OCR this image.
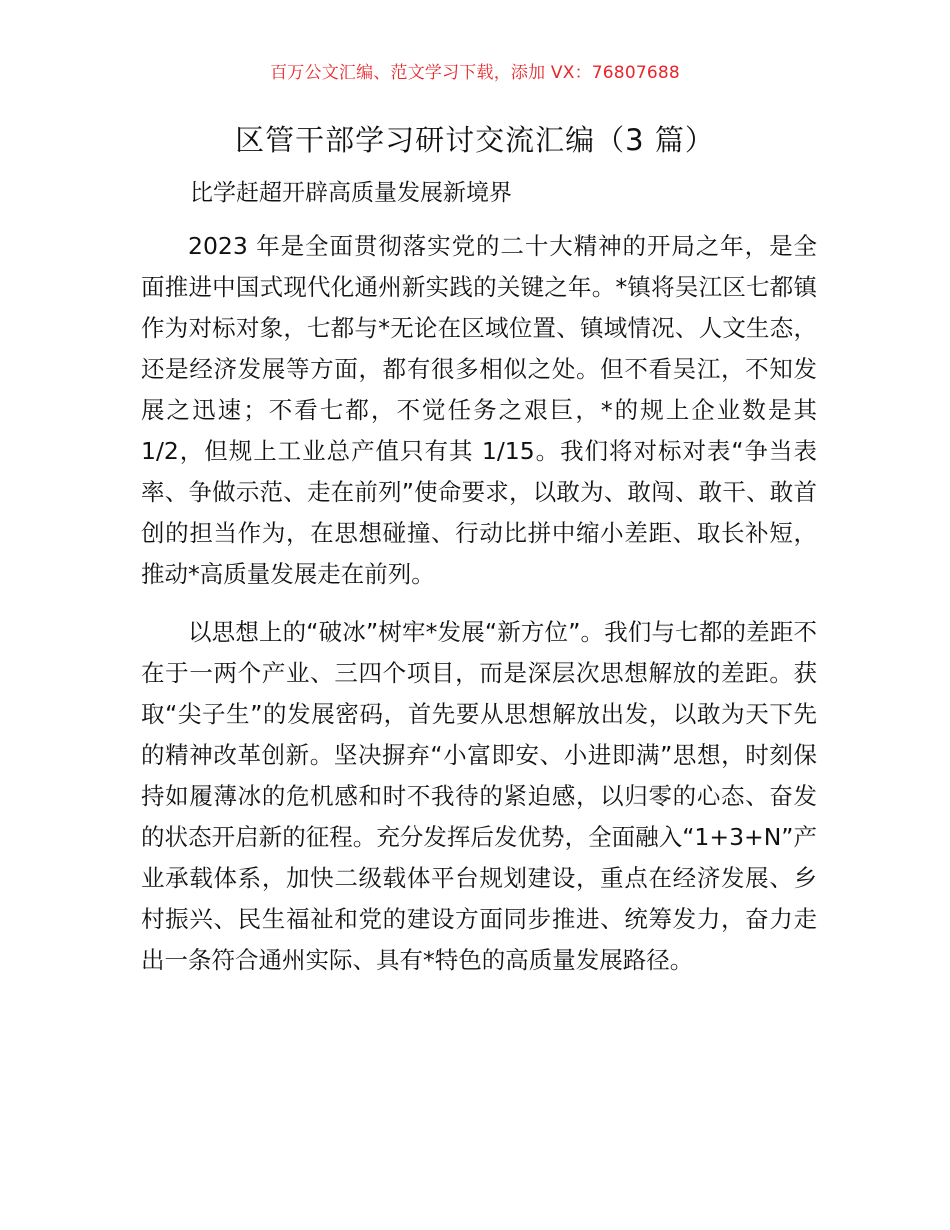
百万公文汇编、范文学习下载，添加 VX：76807688
区管干部学习研讨交流汇编（3 篇）
比学赶超开辟高质量发展新境界

2023 年是全面贯彻落实党的二十大精神的开局之年，是全面推进中国式现代化通州新实践的关键之年。*镇将吴江区七都镇作为对标对象，七都与*无论在区域位置、镇域情况、人文生态，还是经济发展等方面，都有很多相似之处。但不看吴江，不知发展之迅速；不看七都，不觉任务之艰巨，*的规上企业数是其 1/2，但规上工业总产值只有其 1/15。我们将对标对表“争当表率、争做示范、走在前列”使命要求，以敢为、敢闯、敢干、敢首创的担当作为，在思想碰撞、行动比拼中缩小差距、取长补短，推动*高质量发展走在前列。

以思想上的“破冰”树牢*发展“新方位”。我们与七都的差距不在于一两个产业、三四个项目，而是深层次思想解放的差距。获取“尖子生”的发展密码，首先要从思想解放出发，以敢为天下先的精神改革创新。坚决摒弃“小富即安、小进即满”思想，时刻保持如履薄冰的危机感和时不我待的紧迫感，以归零的心态、奋发的状态开启新的征程。充分发挥后发优势，全面融入“1+3+N”产业承载体系，加快二级载体平台规划建设，重点在经济发展、乡村振兴、民生福祉和党的建设方面同步推进、统筹发力，奋力走出一条符合通州实际、具有*特色的高质量发展路径。
